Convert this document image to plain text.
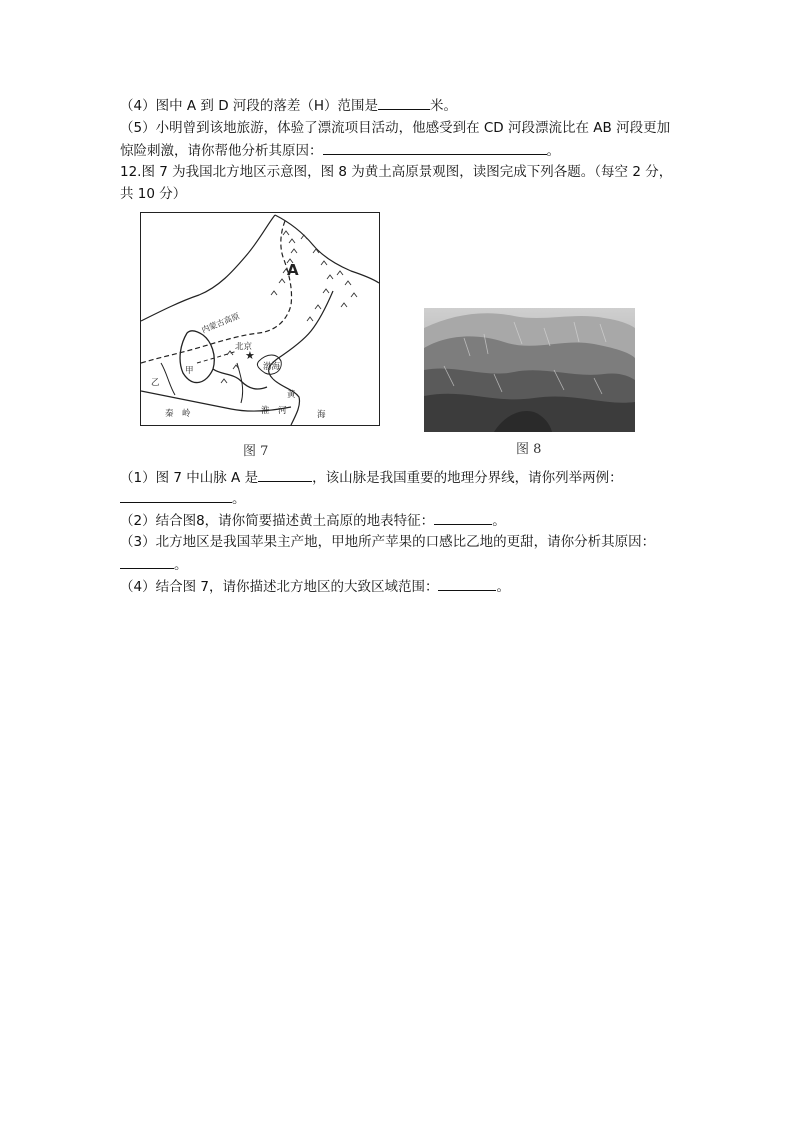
（4）图中 A 到 D 河段的落差（H）范围是	米。
（5）小明曾到该地旅游，体验了漂流项目活动，他感受到在 CD 河段漂流比在 AB 河段更加
惊险刺激，请你帮他分析其原因：	。
12.图 7 为我国北方地区示意图，图 8 为黄土高原景观图，读图完成下列各题。（每空 2 分，
共 10 分）
★
A
内蒙古高原
北京
渤海
甲
乙
秦　岭	淮　河
黄
海
图 7	图 8
（1）图 7 中山脉 A 是	，该山脉是我国重要的地理分界线，请你列举两例：
。
（2）结合图8，请你简要描述黄土高原的地表特征：	。
（3）北方地区是我国苹果主产地，甲地所产苹果的口感比乙地的更甜，请你分析其原因：
。
（4）结合图 7，请你描述北方地区的大致区域范围：	。
